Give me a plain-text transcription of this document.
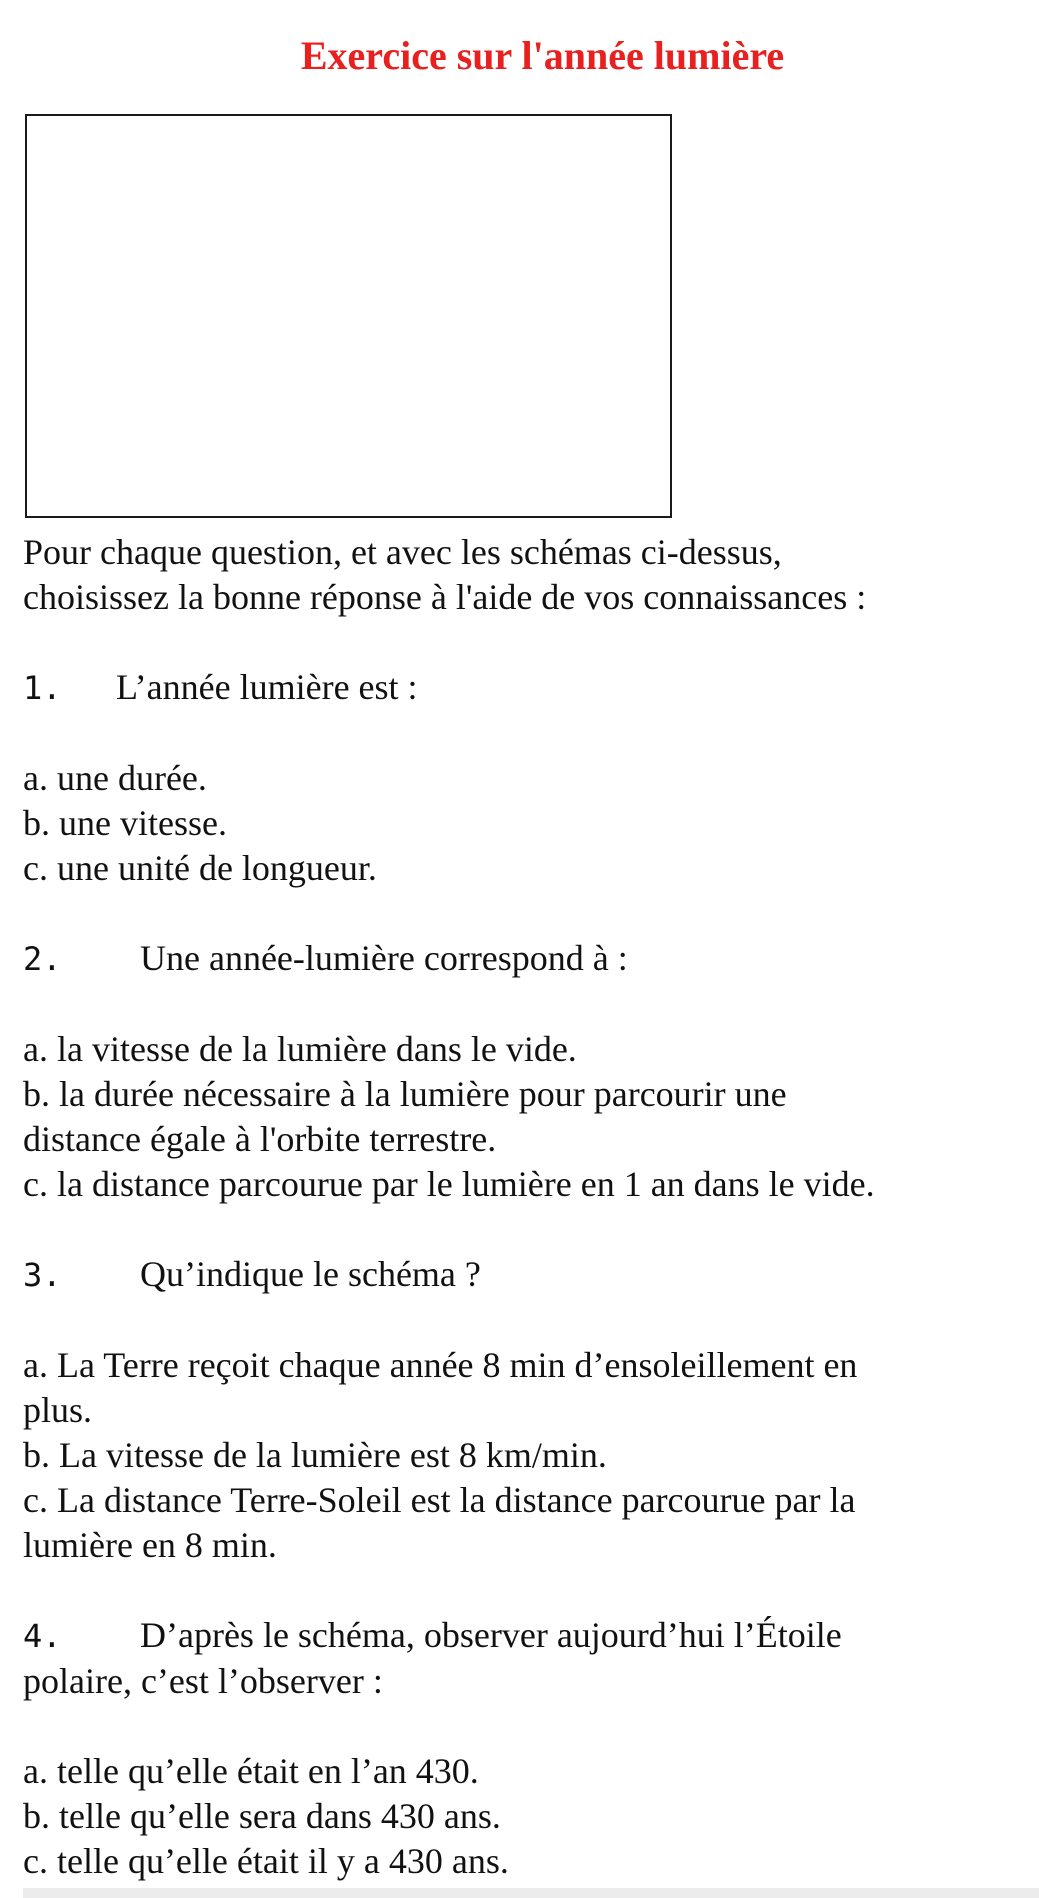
Exercice sur l'année lumière

Pour chaque question, et avec les schémas ci-dessus,

choisissez la bonne réponse à l'aide de vos connaissances :

1. L’année lumière est :

a. une durée.

b. une vitesse.

c. une unité de longueur.

2. Une année-lumière correspond à :

a. la vitesse de la lumière dans le vide.

b. la durée nécessaire à la lumière pour parcourir une

distance égale à l'orbite terrestre.

c. la distance parcourue par le lumière en 1 an dans le vide.

3. Qu’indique le schéma ?

a. La Terre reçoit chaque année 8 min d’ensoleillement en

plus.

b. La vitesse de la lumière est 8 km/min.

c. La distance Terre-Soleil est la distance parcourue par la

lumière en 8 min.

4. D’après le schéma, observer aujourd’hui l’Étoile

polaire, c’est l’observer :

a. telle qu’elle était en l’an 430.

b. telle qu’elle sera dans 430 ans.

c. telle qu’elle était il y a 430 ans.
